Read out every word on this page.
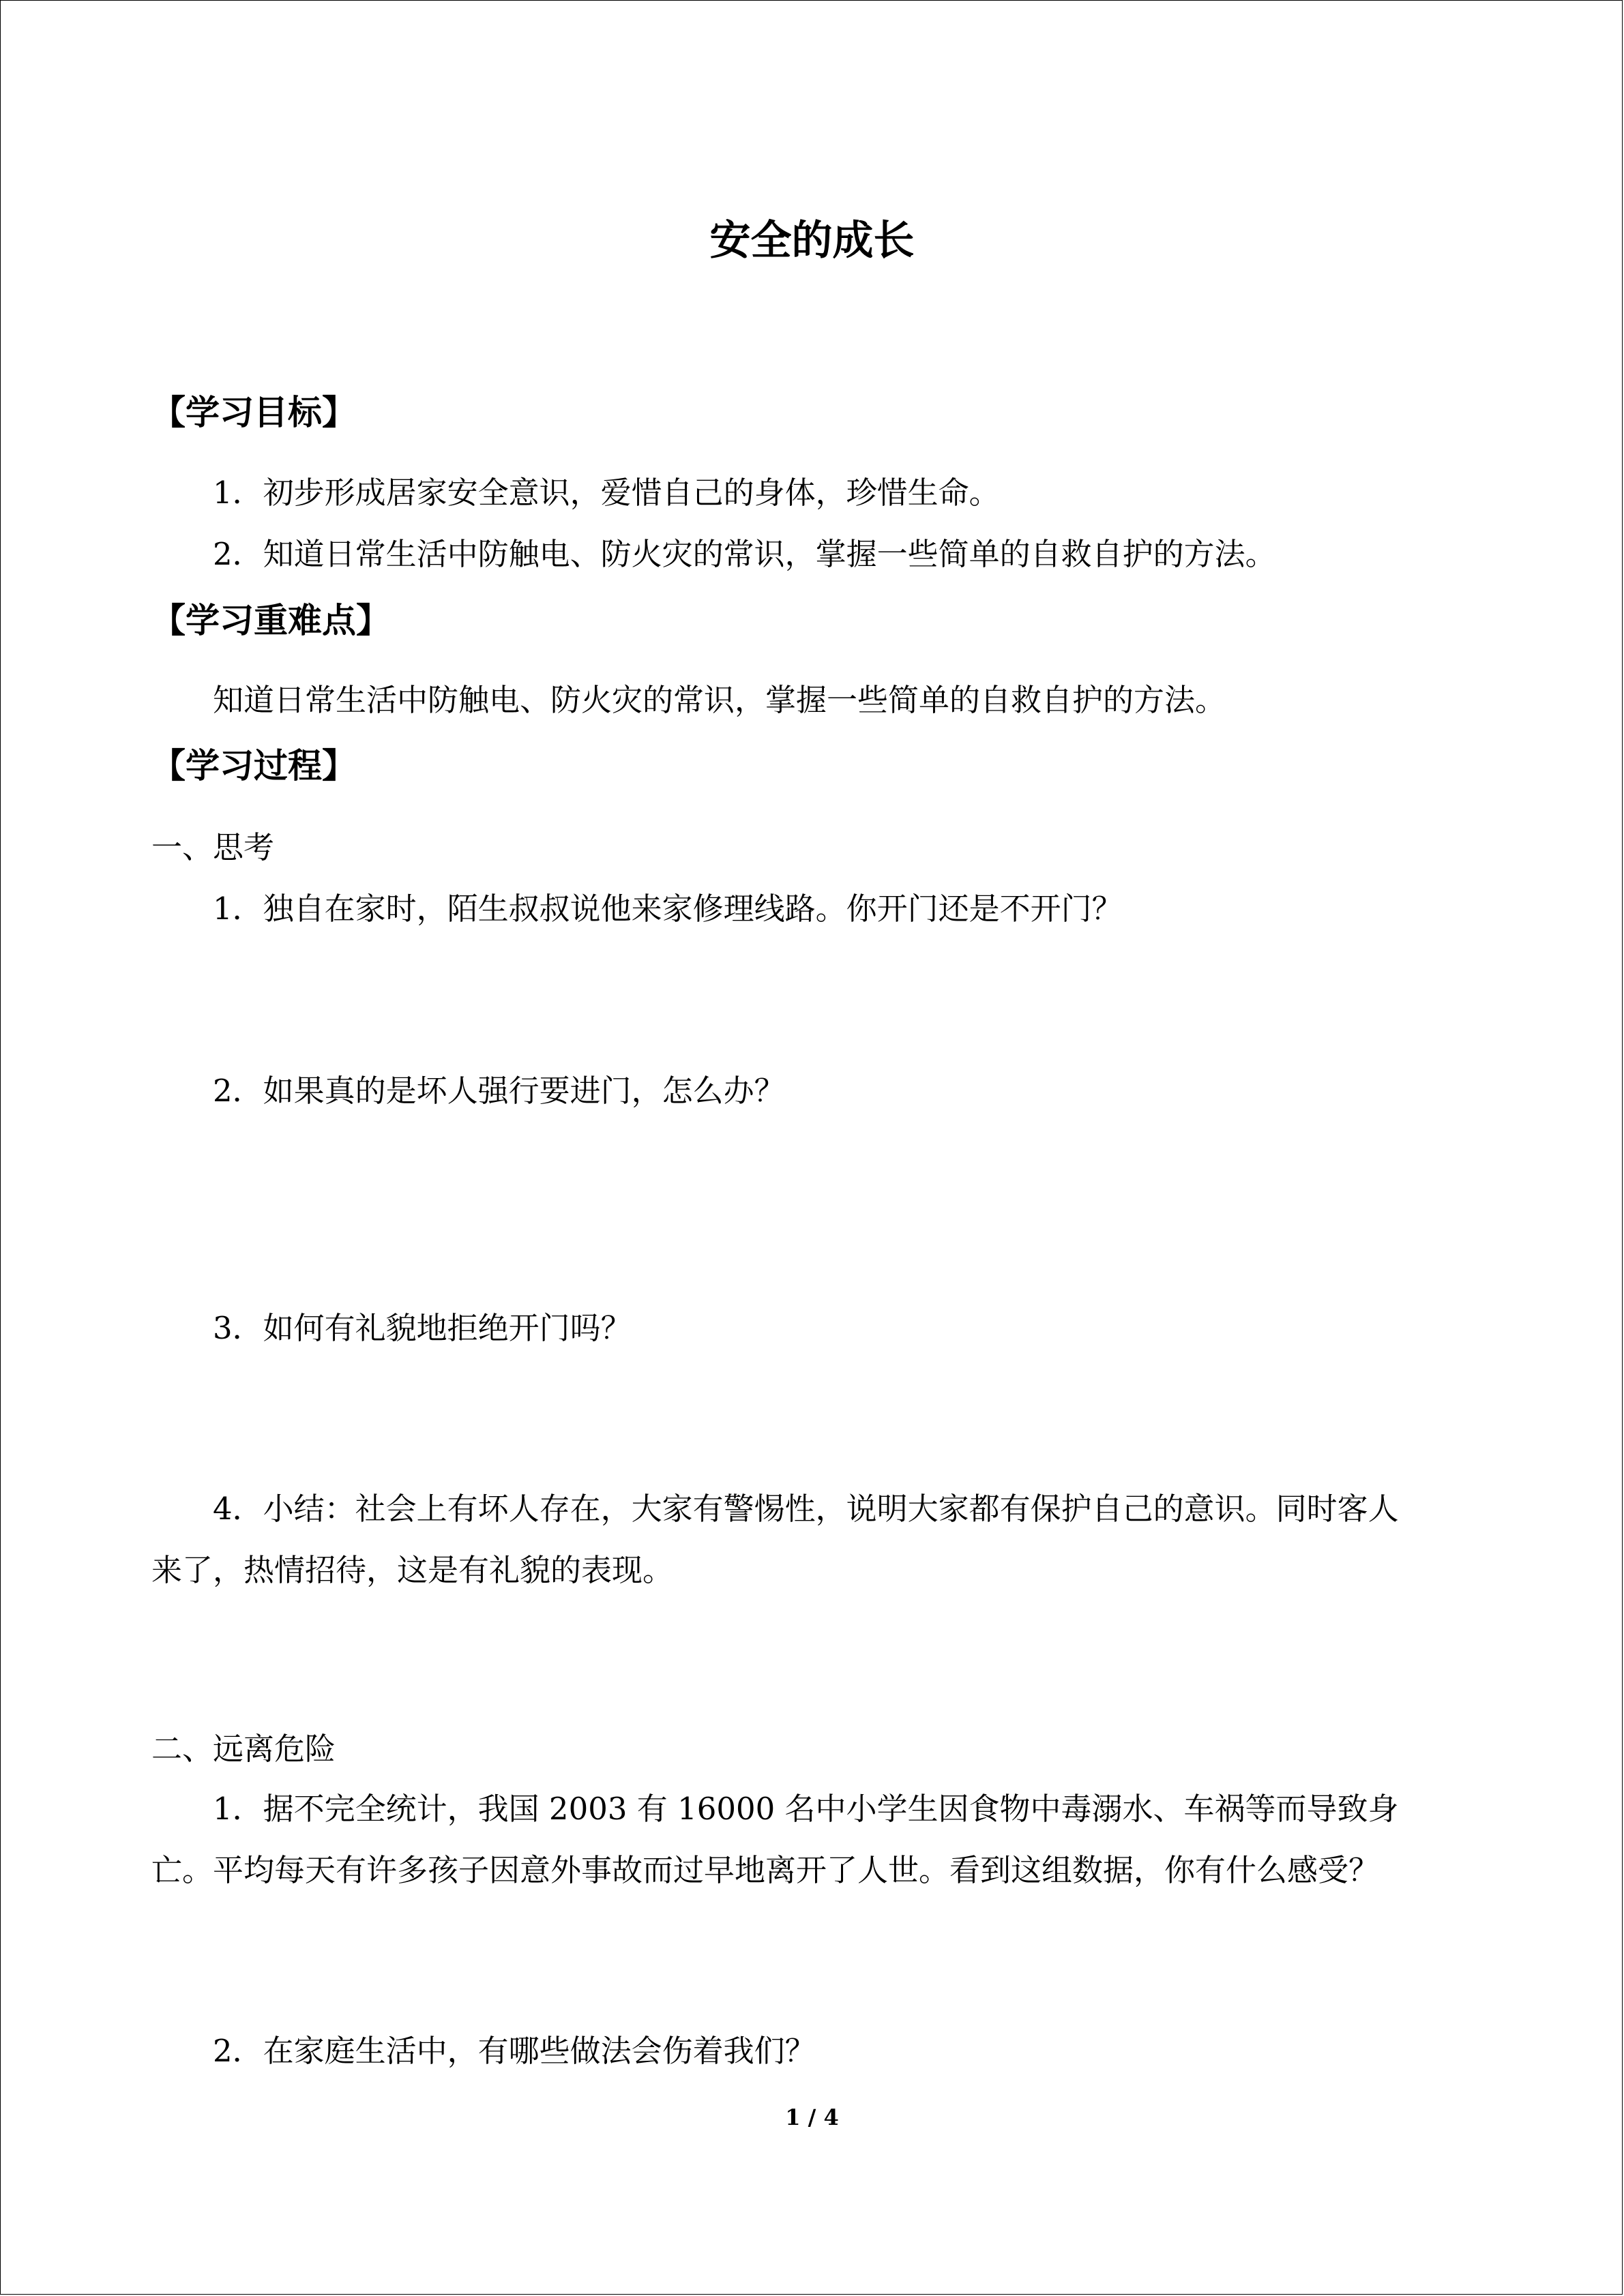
安全的成长
【学习目标】
1．初步形成居家安全意识，爱惜自己的身体，珍惜生命。
2．知道日常生活中防触电、防火灾的常识，掌握一些简单的自救自护的方法。
【学习重难点】
知道日常生活中防触电、防火灾的常识，掌握一些简单的自救自护的方法。
【学习过程】
一、思考
1．独自在家时，陌生叔叔说他来家修理线路。你开门还是不开门？
2．如果真的是坏人强行要进门，怎么办？
3．如何有礼貌地拒绝开门吗？
4．小结：社会上有坏人存在，大家有警惕性，说明大家都有保护自己的意识。同时客人
来了，热情招待，这是有礼貌的表现。
二、远离危险
1．据不完全统计，我国 2003 有 16000 名中小学生因食物中毒溺水、车祸等而导致身
亡。平均每天有许多孩子因意外事故而过早地离开了人世。看到这组数据，你有什么感受？
2．在家庭生活中，有哪些做法会伤着我们？
1 / 4
